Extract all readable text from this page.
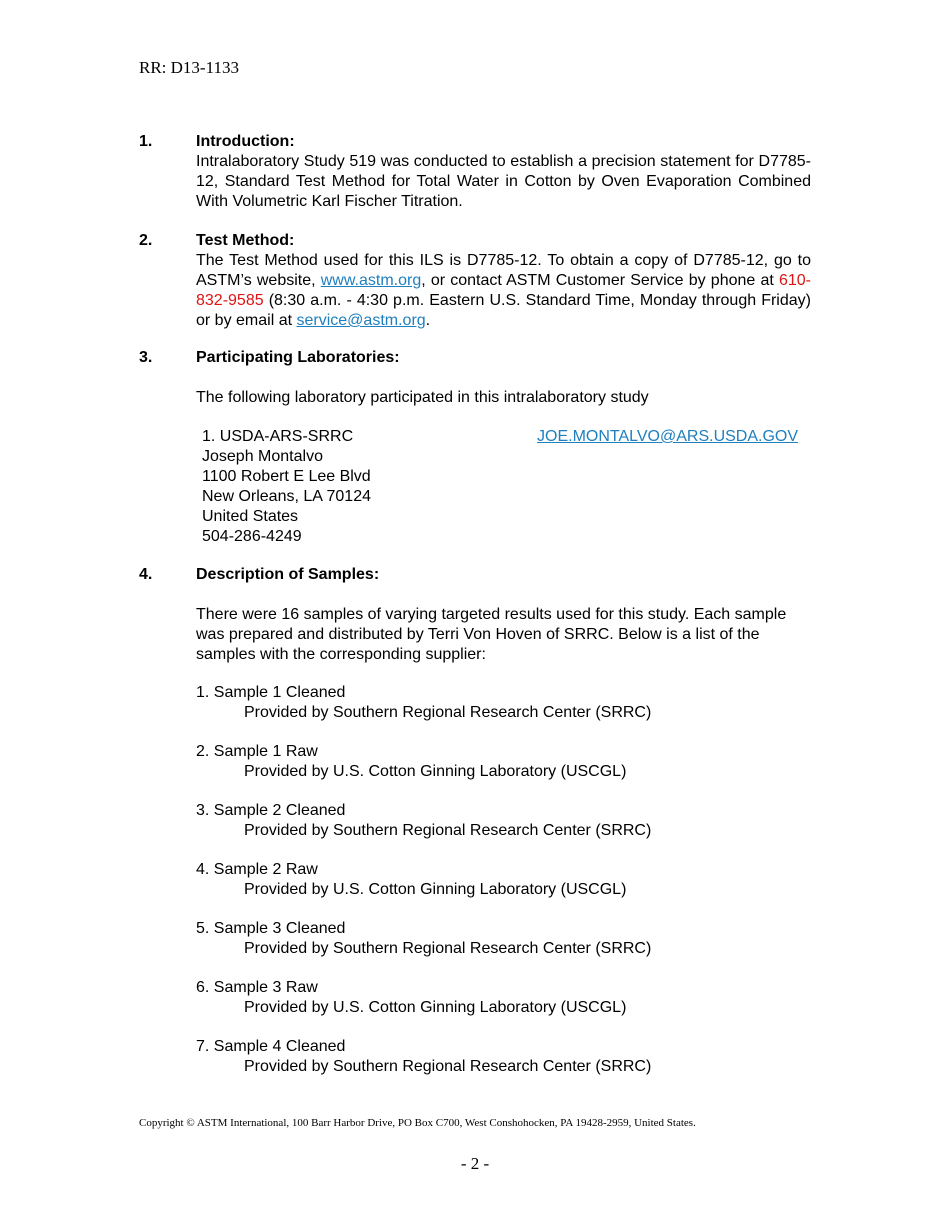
RR: D13-1133
1.	Introduction:
Intralaboratory Study 519 was conducted to establish a precision statement for D7785-12, Standard Test Method for Total Water in Cotton by Oven Evaporation Combined With Volumetric Karl Fischer Titration.
2.	Test Method:
The Test Method used for this ILS is D7785-12. To obtain a copy of D7785-12, go to ASTM’s website, www.astm.org, or contact ASTM Customer Service by phone at 610-832-9585 (8:30 a.m. - 4:30 p.m. Eastern U.S. Standard Time, Monday through Friday) or by email at service@astm.org.
3.	Participating Laboratories:
The following laboratory participated in this intralaboratory study
1. USDA-ARS-SRRC
Joseph Montalvo
1100 Robert E Lee Blvd
New Orleans, LA 70124
United States
504-286-4249
JOE.MONTALVO@ARS.USDA.GOV
4.	Description of Samples:
There were 16 samples of varying targeted results used for this study. Each sample was prepared and distributed by Terri Von Hoven of SRRC. Below is a list of the samples with the corresponding supplier:
1. Sample 1 Cleaned
Provided by Southern Regional Research Center (SRRC)
2. Sample 1 Raw
Provided by U.S. Cotton Ginning Laboratory (USCGL)
3. Sample 2 Cleaned
Provided by Southern Regional Research Center (SRRC)
4. Sample 2 Raw
Provided by U.S. Cotton Ginning Laboratory (USCGL)
5. Sample 3 Cleaned
Provided by Southern Regional Research Center (SRRC)
6. Sample 3 Raw
Provided by U.S. Cotton Ginning Laboratory (USCGL)
7. Sample 4 Cleaned
Provided by Southern Regional Research Center (SRRC)
Copyright © ASTM International, 100 Barr Harbor Drive, PO Box C700, West Conshohocken, PA 19428-2959, United States.
- 2 -
